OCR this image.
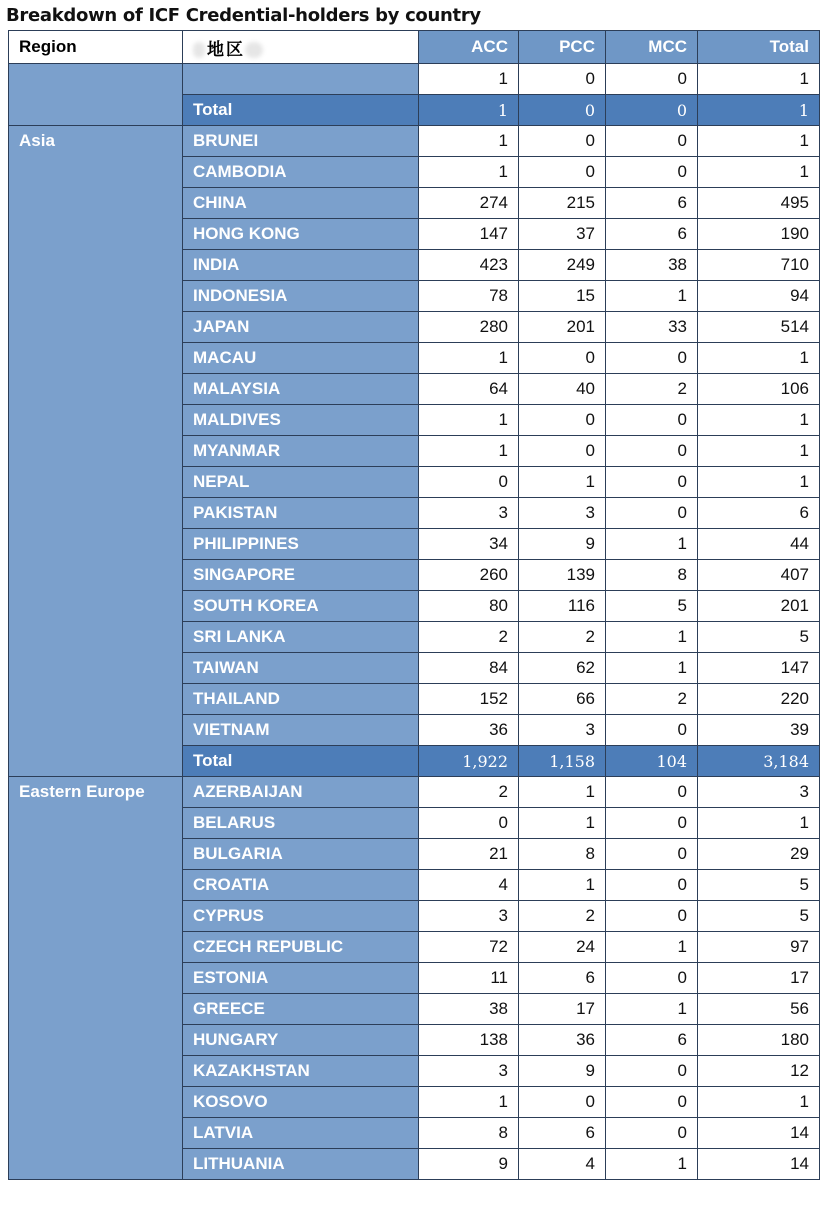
Breakdown of ICF Credential-holders by country
Region	地区	ACC	PCC	MCC	Total
		1	0	0	1
	Total	1	0	0	1
Asia	BRUNEI	1	0	0	1
	CAMBODIA	1	0	0	1
	CHINA	274	215	6	495
	HONG KONG	147	37	6	190
	INDIA	423	249	38	710
	INDONESIA	78	15	1	94
	JAPAN	280	201	33	514
	MACAU	1	0	0	1
	MALAYSIA	64	40	2	106
	MALDIVES	1	0	0	1
	MYANMAR	1	0	0	1
	NEPAL	0	1	0	1
	PAKISTAN	3	3	0	6
	PHILIPPINES	34	9	1	44
	SINGAPORE	260	139	8	407
	SOUTH KOREA	80	116	5	201
	SRI LANKA	2	2	1	5
	TAIWAN	84	62	1	147
	THAILAND	152	66	2	220
	VIETNAM	36	3	0	39
	Total	1,922	1,158	104	3,184
Eastern Europe	AZERBAIJAN	2	1	0	3
	BELARUS	0	1	0	1
	BULGARIA	21	8	0	29
	CROATIA	4	1	0	5
	CYPRUS	3	2	0	5
	CZECH REPUBLIC	72	24	1	97
	ESTONIA	11	6	0	17
	GREECE	38	17	1	56
	HUNGARY	138	36	6	180
	KAZAKHSTAN	3	9	0	12
	KOSOVO	1	0	0	1
	LATVIA	8	6	0	14
	LITHUANIA	9	4	1	14
